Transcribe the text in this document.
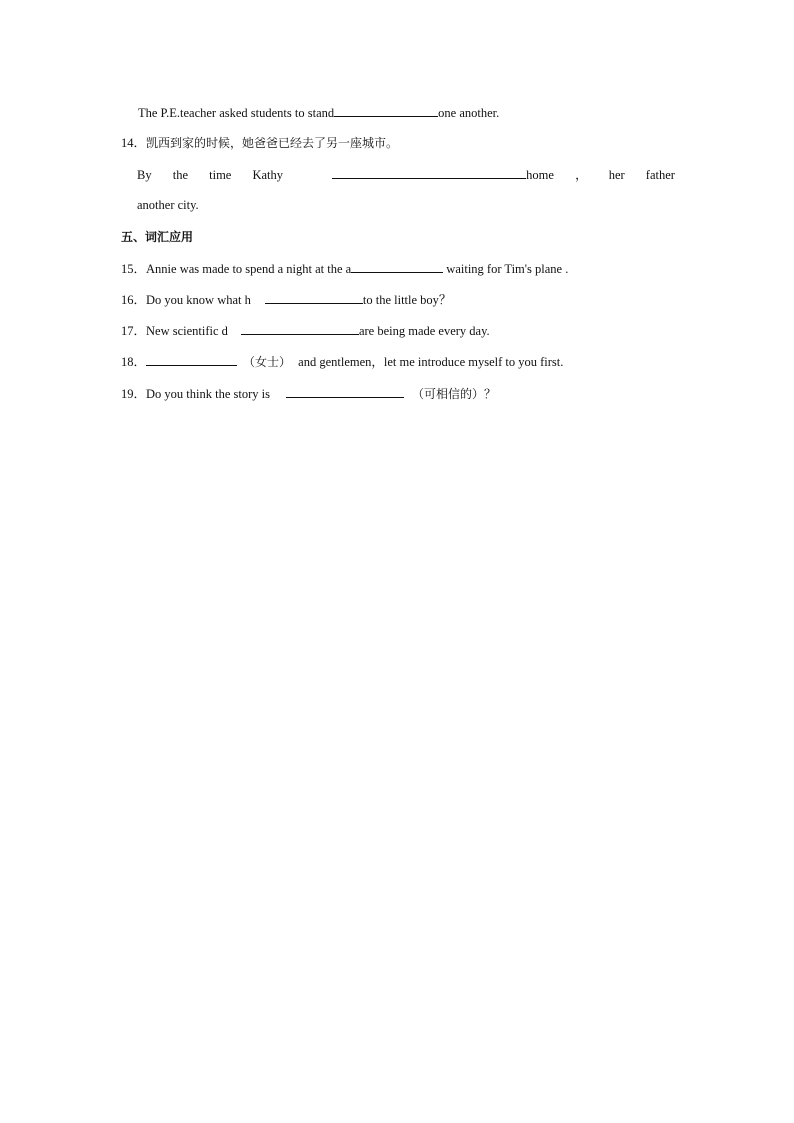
The P.E.teacher asked students to stand	one another.
14．凯西到家的时候，她爸爸已经去了另一座城市。
By the time Kathy	home ， her father
another city.
五、词汇应用
15．Annie was made to spend a night at the a	waiting for Tim's plane .
16．Do you know what h	to the little boy？
17．New scientific d	are being made every day.
18．	（女士） and gentlemen，let me introduce myself to you first.
19．Do you think the story is	（可相信的）？
